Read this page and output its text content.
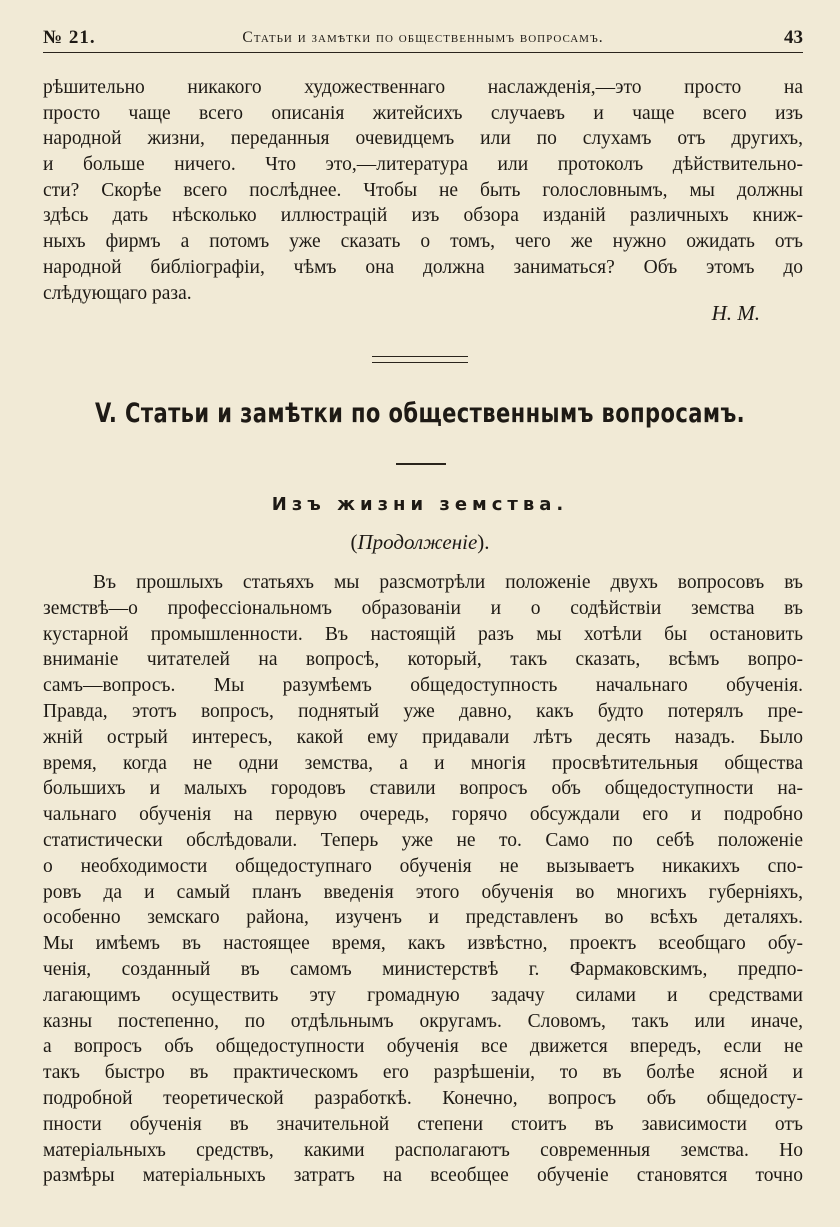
№ 21.	Статьи и замѣтки по общественнымъ вопросамъ.	43
рѣшительно никакого художественнаго наслажденія,—это просто на
просто чаще всего описанія житейсихъ случаевъ и чаще всего изъ
народной жизни, переданныя очевидцемъ или по слухамъ отъ другихъ,
и больше ничего. Что это,—литература или протоколъ дѣйствительно-
сти? Скорѣе всего послѣднее. Чтобы не быть голословнымъ, мы должны
здѣсь дать нѣсколько иллюстрацій изъ обзора изданій различныхъ книж-
ныхъ фирмъ а потомъ уже сказать о томъ, чего же нужно ожидать отъ
народной библіографіи, чѣмъ она должна заниматься? Объ этомъ до
слѣдующаго раза.
Н. М.
V. Статьи и замѣтки по общественнымъ вопросамъ.
Изъ жизни земства.
(Продолженіе).
Въ прошлыхъ статьяхъ мы разсмотрѣли положеніе двухъ вопросовъ въ
земствѣ—о профессіональномъ образованіи и о содѣйствіи земства въ
кустарной промышленности. Въ настоящій разъ мы хотѣли бы остановить
вниманіе читателей на вопросѣ, который, такъ сказать, всѣмъ вопро-
самъ—вопросъ. Мы разумѣемъ общедоступность начальнаго обученія.
Правда, этотъ вопросъ, поднятый уже давно, какъ будто потерялъ пре-
жній острый интересъ, какой ему придавали лѣтъ десять назадъ. Было
время, когда не одни земства, а и многія просвѣтительныя общества
большихъ и малыхъ городовъ ставили вопросъ объ общедоступности на-
чальнаго обученія на первую очередь, горячо обсуждали его и подробно
статистически обслѣдовали. Теперь уже не то. Само по себѣ положеніе
о необходимости общедоступнаго обученія не вызываетъ никакихъ спо-
ровъ да и самый планъ введенія этого обученія во многихъ губерніяхъ,
особенно земскаго района, изученъ и представленъ во всѣхъ деталяхъ.
Мы имѣемъ въ настоящее время, какъ извѣстно, проектъ всеобщаго обу-
ченія, созданный въ самомъ министерствѣ г. Фармаковскимъ, предпо-
лагающимъ осуществить эту громадную задачу силами и средствами
казны постепенно, по отдѣльнымъ округамъ. Словомъ, такъ или иначе,
а вопросъ объ общедоступности обученія все движется впередъ, если не
такъ быстро въ практическомъ его разрѣшеніи, то въ болѣе ясной и
подробной теоретической разработкѣ. Конечно, вопросъ объ общедосту-
пности обученія въ значительной степени стоитъ въ зависимости отъ
матеріальныхъ средствъ, какими располагаютъ современныя земства. Но
размѣры матеріальныхъ затратъ на всеобщее обученіе становятся точно
